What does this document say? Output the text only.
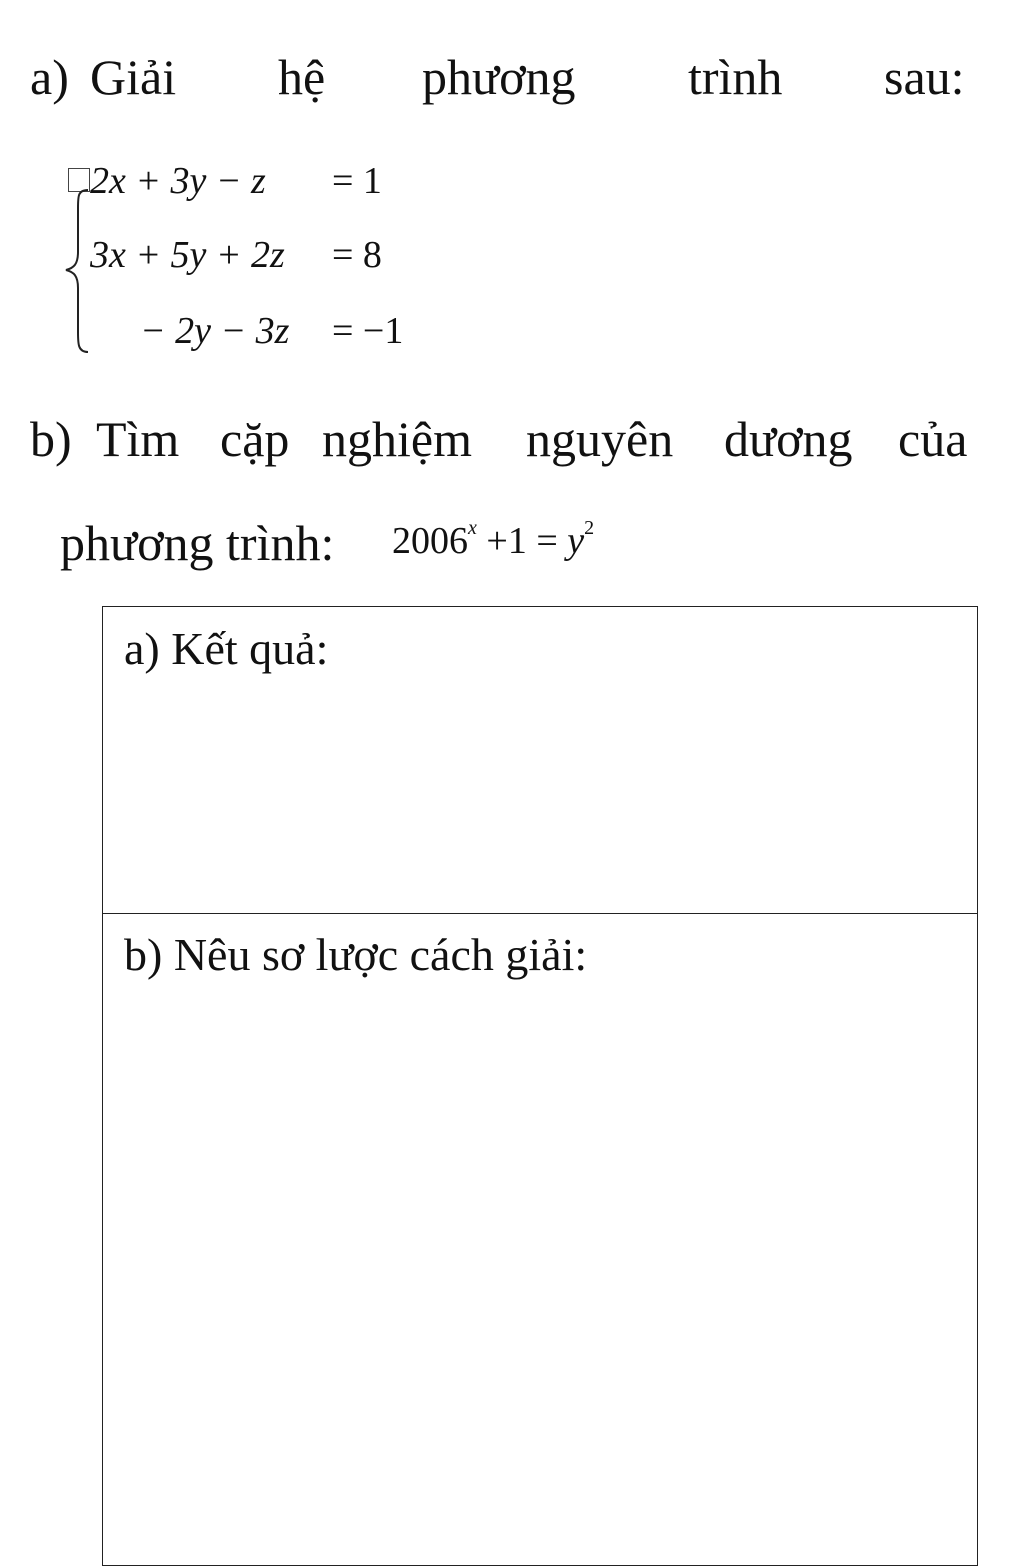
a) Giải hệ phương trình sau:
2x + 3y − z = 1
3x + 5y + 2z = 8
− 2y − 3z = −1
b) Tìm cặp nghiệm nguyên dương của
phương trình: $2006^x +1 = y^2$
a) Kết quả:
b) Nêu sơ lược cách giải:
